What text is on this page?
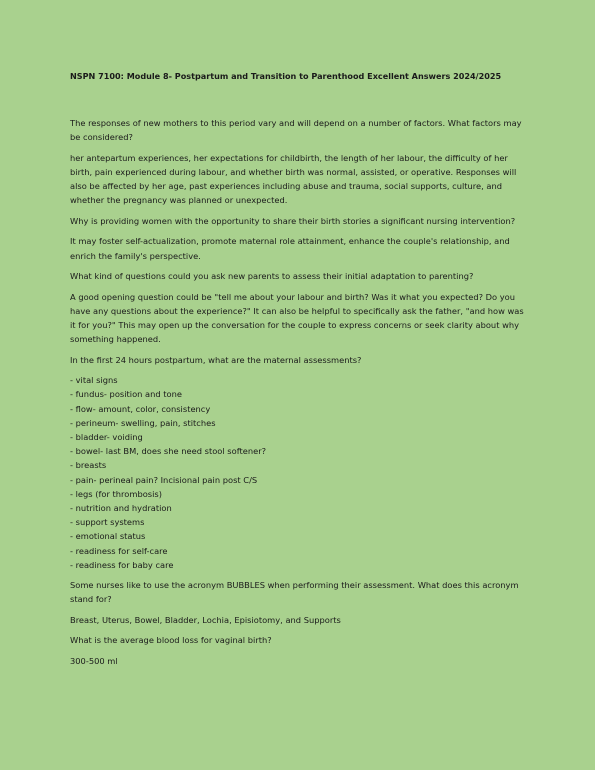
NSPN 7100: Module 8- Postpartum and Transition to Parenthood Excellent Answers 2024/2025

The responses of new mothers to this period vary and will depend on a number of factors. What factors may be considered?

her antepartum experiences, her expectations for childbirth, the length of her labour, the difficulty of her birth, pain experienced during labour, and whether birth was normal, assisted, or operative. Responses will also be affected by her age, past experiences including abuse and trauma, social supports, culture, and whether the pregnancy was planned or unexpected.

Why is providing women with the opportunity to share their birth stories a significant nursing intervention?

It may foster self-actualization, promote maternal role attainment, enhance the couple's relationship, and enrich the family's perspective.

What kind of questions could you ask new parents to assess their initial adaptation to parenting?

A good opening question could be "tell me about your labour and birth? Was it what you expected? Do you have any questions about the experience?" It can also be helpful to specifically ask the father, "and how was it for you?" This may open up the conversation for the couple to express concerns or seek clarity about why something happened.

In the first 24 hours postpartum, what are the maternal assessments?

- vital signs
- fundus- position and tone
- flow- amount, color, consistency
- perineum- swelling, pain, stitches
- bladder- voiding
- bowel- last BM, does she need stool softener?
- breasts
- pain- perineal pain? Incisional pain post C/S
- legs (for thrombosis)
- nutrition and hydration
- support systems
- emotional status
- readiness for self-care
- readiness for baby care

Some nurses like to use the acronym BUBBLES when performing their assessment. What does this acronym stand for?

Breast, Uterus, Bowel, Bladder, Lochia, Episiotomy, and Supports

What is the average blood loss for vaginal birth?

300-500 ml
